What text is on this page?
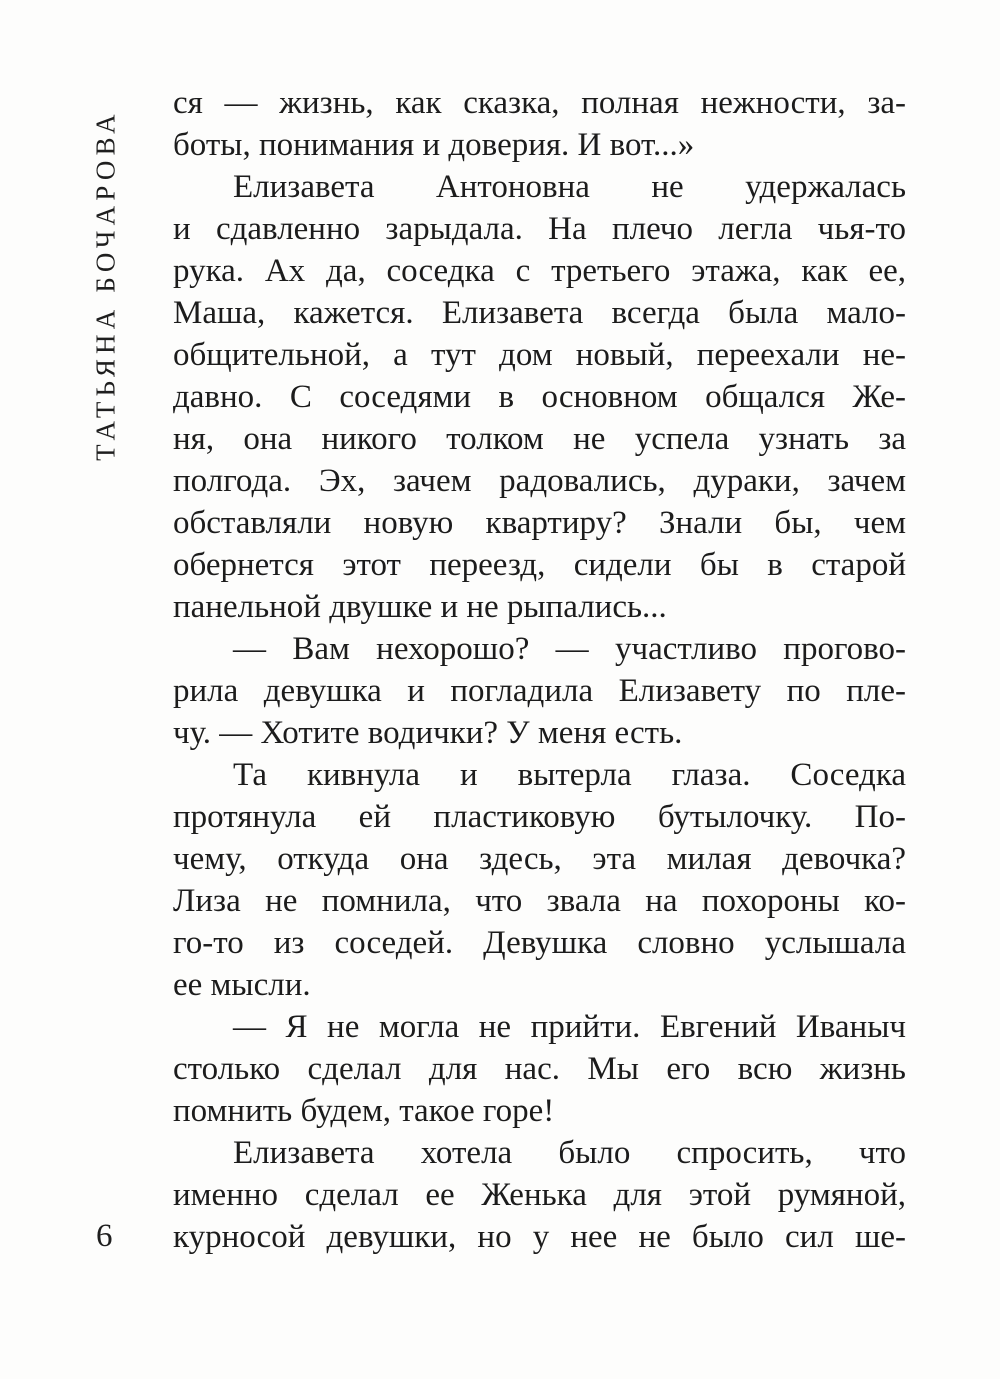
ТАТЬЯНА БОЧАРОВА
ся — жизнь, как сказка, полная нежности, за-
боты, понимания и доверия. И вот...»
Елизавета Антоновна не удержалась
и сдавленно зарыдала. На плечо легла чья-то
рука. Ах да, соседка с третьего этажа, как ее,
Маша, кажется. Елизавета всегда была мало-
общительной, а тут дом новый, переехали не-
давно. С соседями в основном общался Же-
ня, она никого толком не успела узнать за
полгода. Эх, зачем радовались, дураки, зачем
обставляли новую квартиру? Знали бы, чем
обернется этот переезд, сидели бы в старой
панельной двушке и не рыпались...
— Вам нехорошо? — участливо прогово-
рила девушка и погладила Елизавету по пле-
чу. — Хотите водички? У меня есть.
Та кивнула и вытерла глаза. Соседка
протянула ей пластиковую бутылочку. По-
чему, откуда она здесь, эта милая девочка?
Лиза не помнила, что звала на похороны ко-
го-то из соседей. Девушка словно услышала
ее мысли.
— Я не могла не прийти. Евгений Иваныч
столько сделал для нас. Мы его всю жизнь
помнить будем, такое горе!
Елизавета хотела было спросить, что
именно сделал ее Женька для этой румяной,
курносой девушки, но у нее не было сил ше-
6
